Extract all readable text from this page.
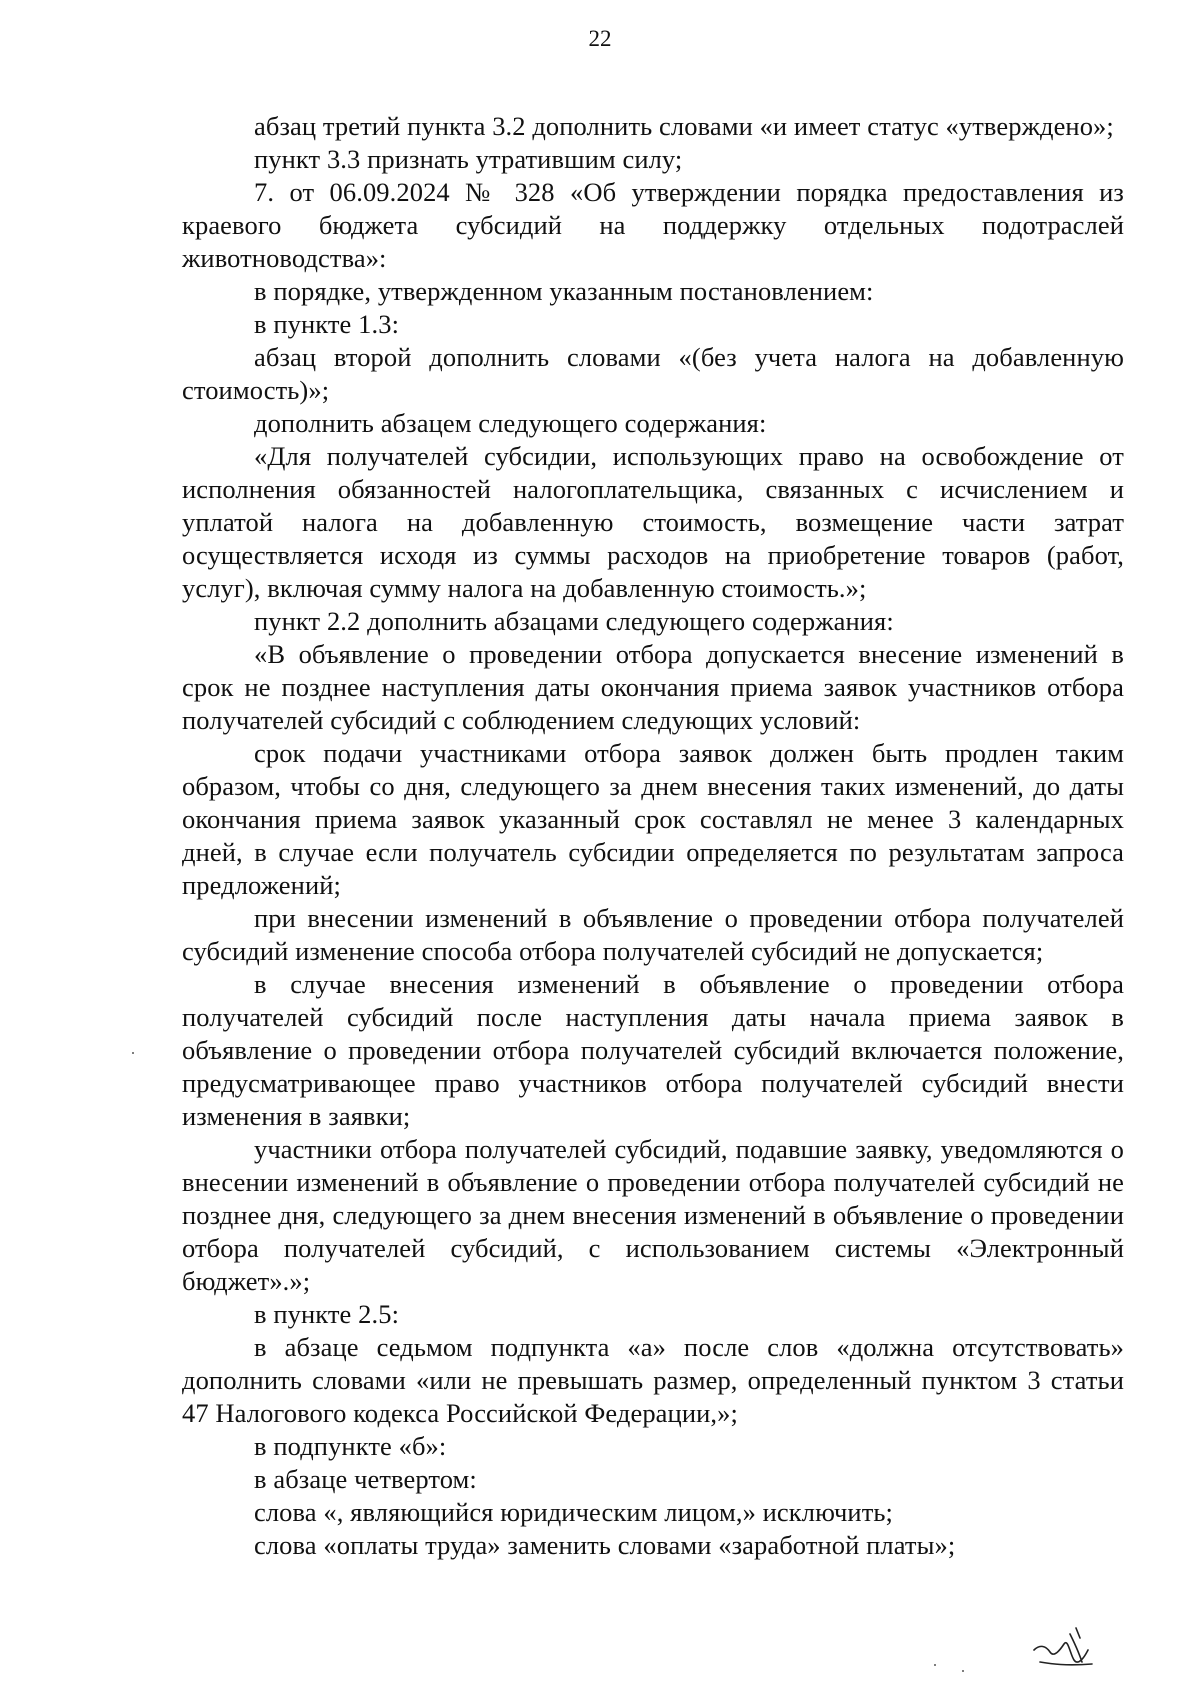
22

абзац третий пункта 3.2 дополнить словами «и имеет статус «утверждено»;

пункт 3.3 признать утратившим силу;

7. от 06.09.2024 № 328 «Об утверждении порядка предоставления из краевого бюджета субсидий на поддержку отдельных подотраслей животноводства»:

в порядке, утвержденном указанным постановлением:

в пункте 1.3:

абзац второй дополнить словами «(без учета налога на добавленную стоимость)»;

дополнить абзацем следующего содержания:

«Для получателей субсидии, использующих право на освобождение от исполнения обязанностей налогоплательщика, связанных с исчислением и уплатой налога на добавленную стоимость, возмещение части затрат осуществляется исходя из суммы расходов на приобретение товаров (работ, услуг), включая сумму налога на добавленную стоимость.»;

пункт 2.2 дополнить абзацами следующего содержания:

«В объявление о проведении отбора допускается внесение изменений в срок не позднее наступления даты окончания приема заявок участников отбора получателей субсидий с соблюдением следующих условий:

срок подачи участниками отбора заявок должен быть продлен таким образом, чтобы со дня, следующего за днем внесения таких изменений, до даты окончания приема заявок указанный срок составлял не менее 3 календарных дней, в случае если получатель субсидии определяется по результатам запроса предложений;

при внесении изменений в объявление о проведении отбора получателей субсидий изменение способа отбора получателей субсидий не допускается;

в случае внесения изменений в объявление о проведении отбора получателей субсидий после наступления даты начала приема заявок в объявление о проведении отбора получателей субсидий включается положение, предусматривающее право участников отбора получателей субсидий внести изменения в заявки;

участники отбора получателей субсидий, подавшие заявку, уведомляются о внесении изменений в объявление о проведении отбора получателей субсидий не позднее дня, следующего за днем внесения изменений в объявление о проведении отбора получателей субсидий, с использованием системы «Электронный бюджет».»;

в пункте 2.5:

в абзаце седьмом подпункта «а» после слов «должна отсутствовать» дополнить словами «или не превышать размер, определенный пунктом 3 статьи 47 Налогового кодекса Российской Федерации,»;

в подпункте «б»:

в абзаце четвертом:

слова «, являющийся юридическим лицом,» исключить;

слова «оплаты труда» заменить словами «заработной платы»;
